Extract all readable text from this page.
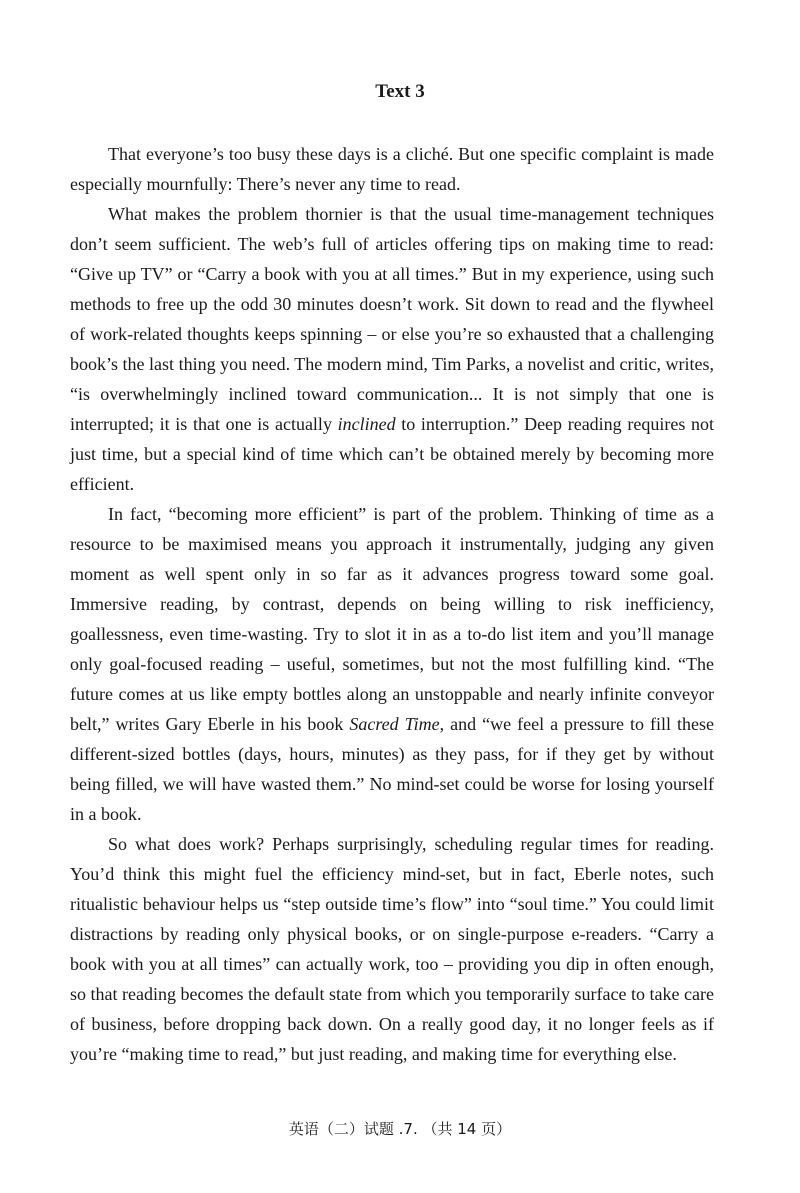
Text 3

That everyone’s too busy these days is a cliché. But one specific complaint is made especially mournfully: There’s never any time to read.

What makes the problem thornier is that the usual time-management techniques don’t seem sufficient. The web’s full of articles offering tips on making time to read: “Give up TV” or “Carry a book with you at all times.” But in my experience, using such methods to free up the odd 30 minutes doesn’t work. Sit down to read and the flywheel of work-related thoughts keeps spinning – or else you’re so exhausted that a challenging book’s the last thing you need. The modern mind, Tim Parks, a novelist and critic, writes, “is overwhelmingly inclined toward communication... It is not simply that one is interrupted; it is that one is actually inclined to interruption.” Deep reading requires not just time, but a special kind of time which can’t be obtained merely by becoming more efficient.

In fact, “becoming more efficient” is part of the problem. Thinking of time as a resource to be maximised means you approach it instrumentally, judging any given moment as well spent only in so far as it advances progress toward some goal. Immersive reading, by contrast, depends on being willing to risk inefficiency, goallessness, even time-wasting. Try to slot it in as a to-do list item and you’ll manage only goal-focused reading – useful, sometimes, but not the most fulfilling kind. “The future comes at us like empty bottles along an unstoppable and nearly infinite conveyor belt,” writes Gary Eberle in his book Sacred Time, and “we feel a pressure to fill these different-sized bottles (days, hours, minutes) as they pass, for if they get by without being filled, we will have wasted them.” No mind-set could be worse for losing yourself in a book.

So what does work? Perhaps surprisingly, scheduling regular times for reading. You’d think this might fuel the efficiency mind-set, but in fact, Eberle notes, such ritualistic behaviour helps us “step outside time’s flow” into “soul time.” You could limit distractions by reading only physical books, or on single-purpose e-readers. “Carry a book with you at all times” can actually work, too – providing you dip in often enough, so that reading becomes the default state from which you temporarily surface to take care of business, before dropping back down. On a really good day, it no longer feels as if you’re “making time to read,” but just reading, and making time for everything else.

英语（二）试题 .7. （共 14 页）
